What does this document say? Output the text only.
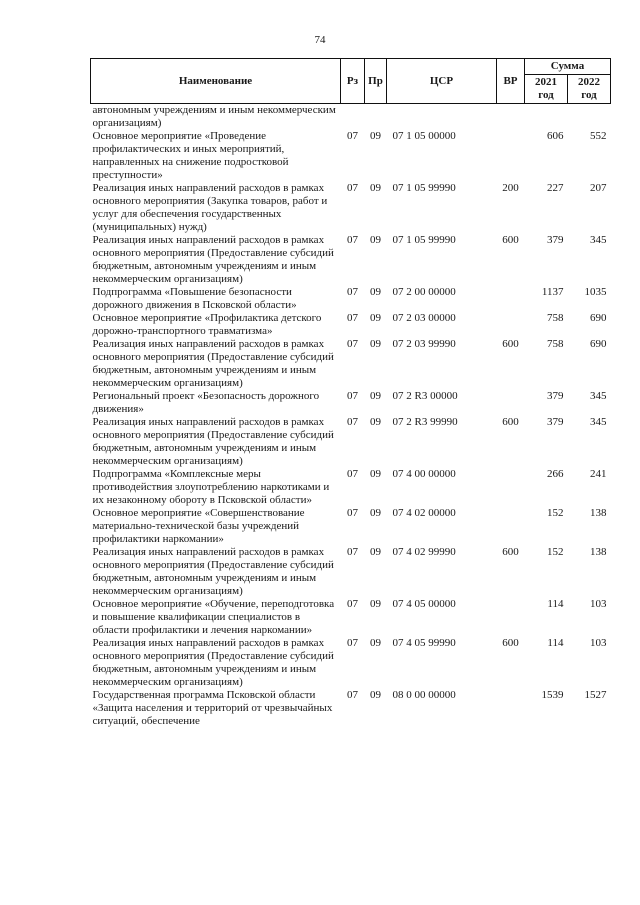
74
Наименование	Рз	Пр	ЦСР	ВР	Сумма	
					2021 год	2022 год
автономным учреждениям и иным некоммерческим организациям)						
Основное мероприятие «Проведение профилактических и иных мероприятий, направленных на снижение подростковой преступности»	07	09	07 1 05 00000		606	552
Реализация иных направлений расходов в рамках основного мероприятия (Закупка товаров, работ и услуг для обеспечения государственных (муниципальных) нужд)	07	09	07 1 05 99990	200	227	207
Реализация иных направлений расходов в рамках основного мероприятия (Предоставление субсидий бюджетным, автономным учреждениям и иным некоммерческим организациям)	07	09	07 1 05 99990	600	379	345
Подпрограмма «Повышение безопасности дорожного движения в Псковской области»	07	09	07 2 00 00000		1137	1035
Основное мероприятие «Профилактика детского дорожно-транспортного травматизма»	07	09	07 2 03 00000		758	690
Реализация иных направлений расходов в рамках основного мероприятия (Предоставление субсидий бюджетным, автономным учреждениям и иным некоммерческим организациям)	07	09	07 2 03 99990	600	758	690
Региональный проект «Безопасность дорожного движения»	07	09	07 2 R3 00000		379	345
Реализация иных направлений расходов в рамках основного мероприятия (Предоставление субсидий бюджетным, автономным учреждениям и иным некоммерческим организациям)	07	09	07 2 R3 99990	600	379	345
Подпрограмма «Комплексные меры противодействия злоупотреблению наркотиками и их незаконному обороту в Псковской области»	07	09	07 4 00 00000		266	241
Основное мероприятие «Совершенствование материально-технической базы учреждений профилактики наркомании»	07	09	07 4 02 00000		152	138
Реализация иных направлений расходов в рамках основного мероприятия (Предоставление субсидий бюджетным, автономным учреждениям и иным некоммерческим организациям)	07	09	07 4 02 99990	600	152	138
Основное мероприятие «Обучение, переподготовка и повышение квалификации специалистов в области профилактики и лечения наркомании»	07	09	07 4 05 00000		114	103
Реализация иных направлений расходов в рамках основного мероприятия (Предоставление субсидий бюджетным, автономным учреждениям и иным некоммерческим организациям)	07	09	07 4 05 99990	600	114	103
Государственная программа Псковской области «Защита населения и территорий от чрезвычайных ситуаций, обеспечение	07	09	08 0 00 00000		1539	1527
